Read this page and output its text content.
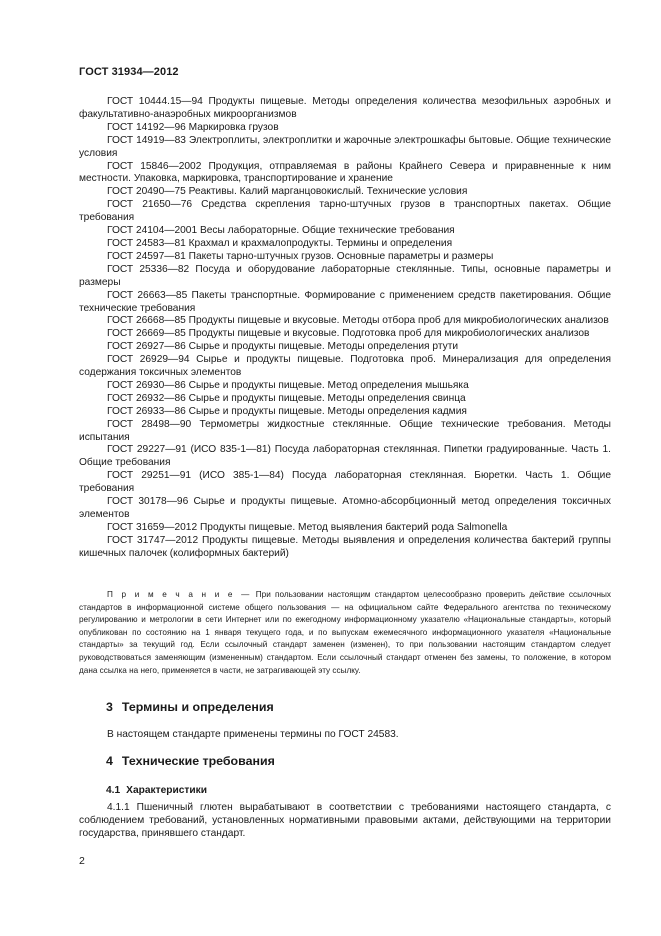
ГОСТ 31934—2012

ГОСТ 10444.15—94 Продукты пищевые. Методы определения количества мезофильных аэробных и факультативно-анаэробных микроорганизмов

ГОСТ 14192—96 Маркировка грузов

ГОСТ 14919—83 Электроплиты, электроплитки и жарочные электрошкафы бытовые. Общие технические условия

ГОСТ 15846—2002 Продукция, отправляемая в районы Крайнего Севера и приравненные к ним местности. Упаковка, маркировка, транспортирование и хранение

ГОСТ 20490—75 Реактивы. Калий марганцовокислый. Технические условия

ГОСТ 21650—76 Средства скрепления тарно-штучных грузов в транспортных пакетах. Общие требования

ГОСТ 24104—2001 Весы лабораторные. Общие технические требования

ГОСТ 24583—81 Крахмал и крахмалопродукты. Термины и определения

ГОСТ 24597—81 Пакеты тарно-штучных грузов. Основные параметры и размеры

ГОСТ 25336—82 Посуда и оборудование лабораторные стеклянные. Типы, основные параметры и размеры

ГОСТ 26663—85 Пакеты транспортные. Формирование с применением средств пакетирования. Общие технические требования

ГОСТ 26668—85 Продукты пищевые и вкусовые. Методы отбора проб для микробиологических анализов

ГОСТ 26669—85 Продукты пищевые и вкусовые. Подготовка проб для микробиологических анализов

ГОСТ 26927—86 Сырье и продукты пищевые. Методы определения ртути

ГОСТ 26929—94 Сырье и продукты пищевые. Подготовка проб. Минерализация для определения содержания токсичных элементов

ГОСТ 26930—86 Сырье и продукты пищевые. Метод определения мышьяка

ГОСТ 26932—86 Сырье и продукты пищевые. Методы определения свинца

ГОСТ 26933—86 Сырье и продукты пищевые. Методы определения кадмия

ГОСТ 28498—90 Термометры жидкостные стеклянные. Общие технические требования. Методы испытания

ГОСТ 29227—91 (ИСО 835-1—81) Посуда лабораторная стеклянная. Пипетки градуированные. Часть 1. Общие требования

ГОСТ 29251—91 (ИСО 385-1—84) Посуда лабораторная стеклянная. Бюретки. Часть 1. Общие требования

ГОСТ 30178—96 Сырье и продукты пищевые. Атомно-абсорбционный метод определения токсичных элементов

ГОСТ 31659—2012 Продукты пищевые. Метод выявления бактерий рода Salmonella

ГОСТ 31747—2012 Продукты пищевые. Методы выявления и определения количества бактерий группы кишечных палочек (колиформных бактерий)

П р и м е ч а н и е — При пользовании настоящим стандартом целесообразно проверить действие ссылочных стандартов в информационной системе общего пользования — на официальном сайте Федерального агентства по техническому регулированию и метрологии в сети Интернет или по ежегодному информационному указателю «Национальные стандарты», который опубликован по состоянию на 1 января текущего года, и по выпускам ежемесячного информационного указателя «Национальные стандарты» за текущий год. Если ссылочный стандарт заменен (изменен), то при пользовании настоящим стандартом следует руководствоваться заменяющим (измененным) стандартом. Если ссылочный стандарт отменен без замены, то положение, в котором дана ссылка на него, применяется в части, не затрагивающей эту ссылку.

3 Термины и определения

В настоящем стандарте применены термины по ГОСТ 24583.

4 Технические требования
4.1 Характеристики

4.1.1 Пшеничный глютен вырабатывают в соответствии с требованиями настоящего стандарта, с соблюдением требований, установленных нормативными правовыми актами, действующими на территории государства, принявшего стандарт.

2
